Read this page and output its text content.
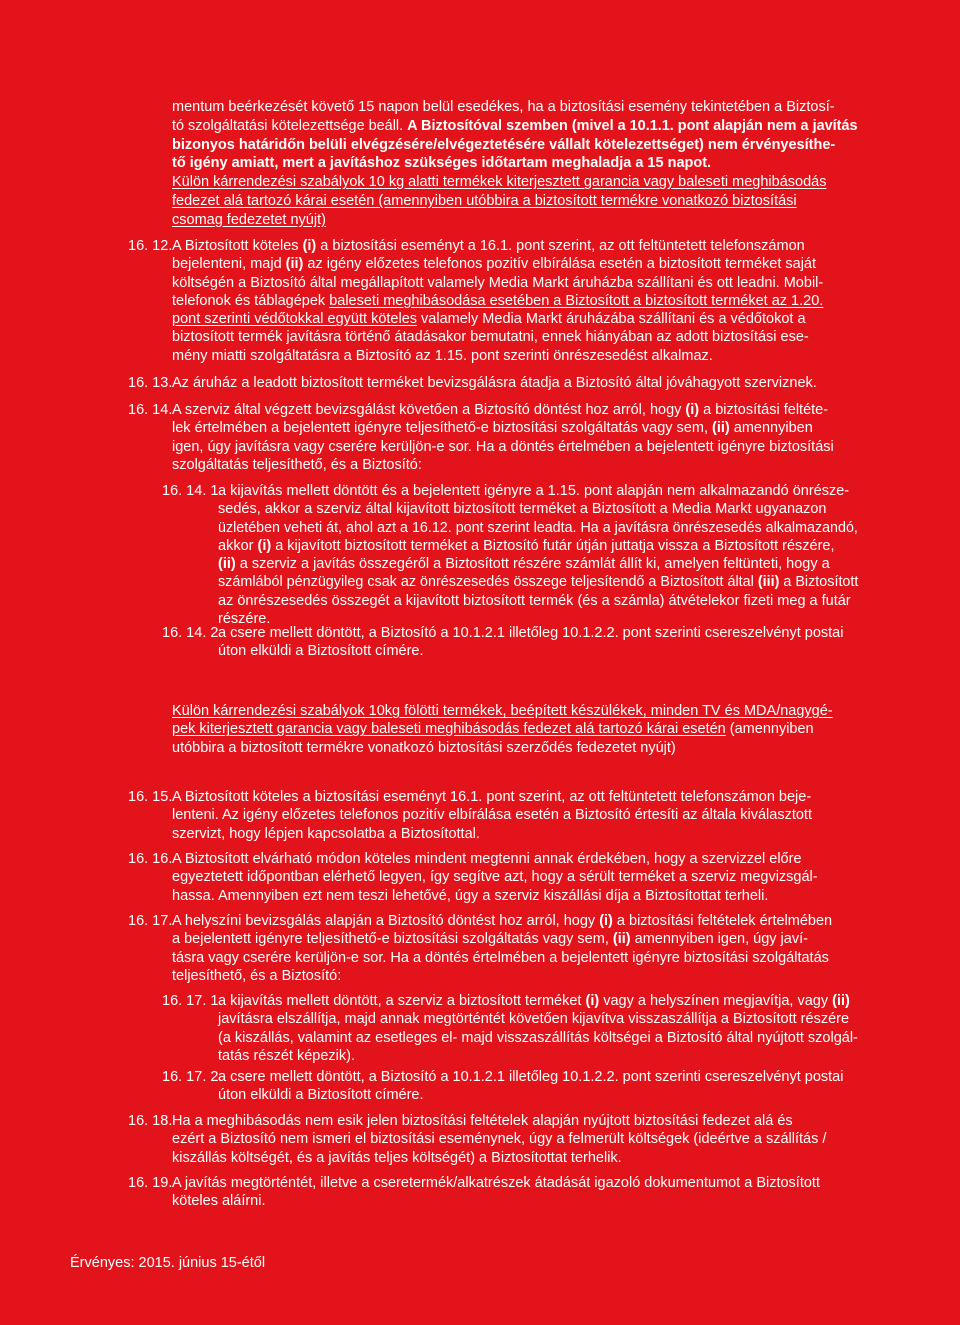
mentum beérkezését követő 15 napon belül esedékes, ha a biztosítási esemény tekintetében a Biztosí-
tó szolgáltatási kötelezettsége beáll. A Biztosítóval szemben (mivel a 10.1.1. pont alapján nem a javítás
bizonyos határidőn belüli elvégzésére/elvégeztetésére vállalt kötelezettséget) nem érvényesíthe-
tő igény amiatt, mert a javításhoz szükséges időtartam meghaladja a 15 napot.
Külön kárrendezési szabályok 10 kg alatti termékek kiterjesztett garancia vagy baleseti meghibásodás
fedezet alá tartozó kárai esetén (amennyiben utóbbira a biztosított termékre vonatkozó biztosítási
csomag fedezetet nyújt)
16. 12. A Biztosított köteles (i) a biztosítási eseményt a 16.1. pont szerint, az ott feltüntetett telefonszámon
bejelenteni, majd (ii) az igény előzetes telefonos pozitív elbírálása esetén a biztosított terméket saját
költségén a Biztosító által megállapított valamely Media Markt áruházba szállítani és ott leadni. Mobil-
telefonok és táblagépek baleseti meghibásodása esetében a Biztosított a biztosított terméket az 1.20.
pont szerinti védőtokkal együtt köteles valamely Media Markt áruházába szállítani és a védőtokot a
biztosított termék javításra történő átadásakor bemutatni, ennek hiányában az adott biztosítási ese-
mény miatti szolgáltatásra a Biztosító az 1.15. pont szerinti önrészesedést alkalmaz.
16. 13. Az áruház a leadott biztosított terméket bevizsgálásra átadja a Biztosító által jóváhagyott szerviznek.
16. 14. A szerviz által végzett bevizsgálást követően a Biztosító döntést hoz arról, hogy (i) a biztosítási feltéte-
lek értelmében a bejelentett igényre teljesíthető-e biztosítási szolgáltatás vagy sem, (ii) amennyiben
igen, úgy javításra vagy cserére kerüljön-e sor. Ha a döntés értelmében a bejelentett igényre biztosítási
szolgáltatás teljesíthető, és a Biztosító:
16. 14. 1.
a kijavítás mellett döntött és a bejelentett igényre a 1.15. pont alapján nem alkalmazandó önrésze-
sedés, akkor a szerviz által kijavított biztosított terméket a Biztosított a Media Markt ugyanazon
üzletében veheti át, ahol azt a 16.12. pont szerint leadta. Ha a javításra önrészesedés alkalmazandó,
akkor (i) a kijavított biztosított terméket a Biztosító futár útján juttatja vissza a Biztosított részére,
(ii) a szerviz a javítás összegéről a Biztosított részére számlát állít ki, amelyen feltünteti, hogy a
számlából pénzügyileg csak az önrészesedés összege teljesítendő a Biztosított által (iii) a Biztosított
az önrészesedés összegét a kijavított biztosított termék (és a számla) átvételekor fizeti meg a futár
részére.
16. 14. 2.
a csere mellett döntött, a Biztosító a 10.1.2.1 illetőleg 10.1.2.2. pont szerinti csereszelvényt postai
úton elküldi a Biztosított címére.
Külön kárrendezési szabályok 10kg fölötti termékek, beépített készülékek, minden TV és MDA/nagygé-
pek kiterjesztett garancia vagy baleseti meghibásodás fedezet alá tartozó kárai esetén (amennyiben
utóbbira a biztosított termékre vonatkozó biztosítási szerződés fedezetet nyújt)
16. 15. A Biztosított köteles a biztosítási eseményt 16.1. pont szerint, az ott feltüntetett telefonszámon beje-
lenteni. Az igény előzetes telefonos pozitív elbírálása esetén a Biztosító értesíti az általa kiválasztott
szervizt, hogy lépjen kapcsolatba a Biztosítottal.
16. 16. A Biztosított elvárható módon köteles mindent megtenni annak érdekében, hogy a szervizzel előre
egyeztetett időpontban elérhető legyen, így segítve azt, hogy a sérült terméket a szerviz megvizsgál-
hassa. Amennyiben ezt nem teszi lehetővé, úgy a szerviz kiszállási díja a Biztosítottat terheli.
16. 17. A helyszíni bevizsgálás alapján a Biztosító döntést hoz arról, hogy (i) a biztosítási feltételek értelmében
a bejelentett igényre teljesíthető-e biztosítási szolgáltatás vagy sem, (ii) amennyiben igen, úgy javí-
tásra vagy cserére kerüljön-e sor. Ha a döntés értelmében a bejelentett igényre biztosítási szolgáltatás
teljesíthető, és a Biztosító:
16. 17. 1.
a kijavítás mellett döntött, a szerviz a biztosított terméket (i) vagy a helyszínen megjavítja, vagy (ii)
javításra elszállítja, majd annak megtörténtét követően kijavítva visszaszállítja a Biztosított részére
(a kiszállás, valamint az esetleges el- majd visszaszállítás költségei a Biztosító által nyújtott szolgál-
tatás részét képezik).
16. 17. 2.
a csere mellett döntött, a Biztosító a 10.1.2.1 illetőleg 10.1.2.2. pont szerinti csereszelvényt postai
úton elküldi a Biztosított címére.
16. 18. Ha a meghibásodás nem esik jelen biztosítási feltételek alapján nyújtott biztosítási fedezet alá és
ezért a Biztosító nem ismeri el biztosítási eseménynek, úgy a felmerült költségek (ideértve a szállítás /
kiszállás költségét, és a javítás teljes költségét) a Biztosítottat terhelik.
16. 19. A javítás megtörténtét, illetve a cseretermék/alkatrészek átadását igazoló dokumentumot a Biztosított
köteles aláírni.
Érvényes: 2015. június 15-étől
